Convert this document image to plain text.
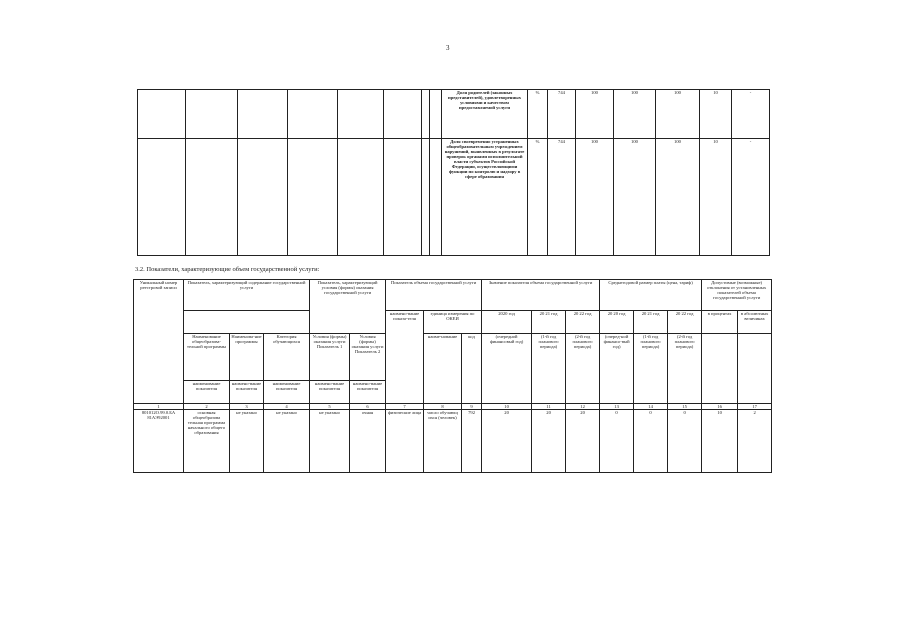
3
								Доля родителей (законных представителей), удовлетворенных условиями и качеством предоставляемой услуги	%	744	100	100	100	10	-
								Доля своевременно устраненных общеобразовательным учреждением нарушений, выявленных в результате проверок органами исполнительной власти субъектов Российской Федерации, осуществляющими функции по контролю и надзору в сфере образования	%	744	100	100	100	10	-
3.2. Показатели, характеризующие объем государственной услуги:
Уникальный номер реестровой записи	Показатель, характеризующий содержание государственной услуги			Показатель, характеризующий условия (формы) оказания государственной услуги		Показатель объема государственной услуги			Значение показателя объема государственной услуги			Среднегодовой размер платы (цена, тариф)			Допустимые (возможные) отклонения от установленных показателей объема государственной услуги	
						наимено-вание показа-теля	единица измерения по ОКЕИ		2020 год	20 21 год	20 22 год	20 20 год	20 21 год	20 22 год	в процентах	в абсолютных величинах
	Наименование общеобразова-тельной программы	Наименова-ние программы	Категория обучающихся	Условия (формы) оказания услуги Показатель 1	Условия (формы) оказания услуги Показатель 2		наиме-нование	код	(очередной финансовый год)	(1-й год планового периода)	(2-й год планового периода)	(очеред-ной финансо-вый год)	(1-й год планового периода)	(2-й год планового периода)		
	наименование показателя	наимено-вание показателя	наименование показателя	наимено-вание показателя	наимено-вание показателя											
1	2	3	4	5	6	7	8	9	10	11	12	13	14	15	16	17
801012О.99.0.БА 81АЭ92001	основная общеобразова тельная программа начального общего образования	не указано	не указано	не указано	очная	физические лица	число обучающ ихся (человек)	792	20	20	20	0	0	0	10	2
